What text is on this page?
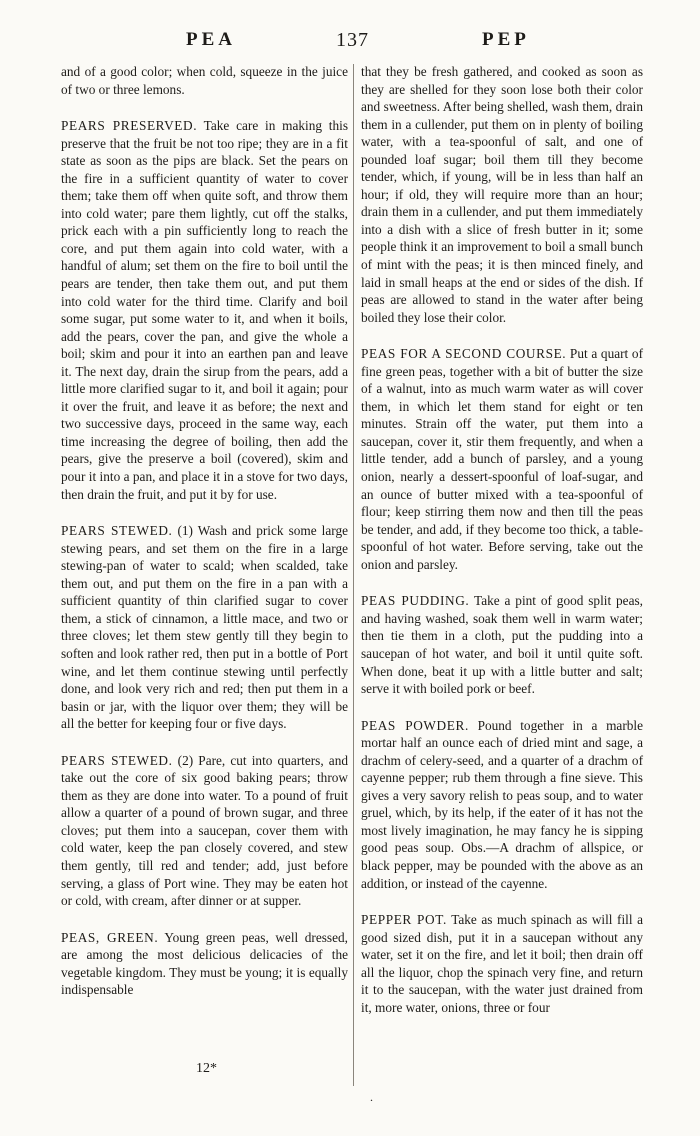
PEA	137	PEP

and of a good color; when cold, squeeze in the juice of two or three lemons.

PEARS PRESERVED. Take care in making this preserve that the fruit be not too ripe; they are in a fit state as soon as the pips are black. Set the pears on the fire in a sufficient quantity of water to cover them; take them off when quite soft, and throw them into cold water; pare them lightly, cut off the stalks, prick each with a pin sufficiently long to reach the core, and put them again into cold water, with a handful of alum; set them on the fire to boil until the pears are tender, then take them out, and put them into cold water for the third time. Clarify and boil some sugar, put some water to it, and when it boils, add the pears, cover the pan, and give the whole a boil; skim and pour it into an earthen pan and leave it. The next day, drain the sirup from the pears, add a little more clarified sugar to it, and boil it again; pour it over the fruit, and leave it as before; the next and two successive days, proceed in the same way, each time increasing the degree of boiling, then add the pears, give the preserve a boil (covered), skim and pour it into a pan, and place it in a stove for two days, then drain the fruit, and put it by for use.

PEARS STEWED. (1) Wash and prick some large stewing pears, and set them on the fire in a large stewing-pan of water to scald; when scalded, take them out, and put them on the fire in a pan with a sufficient quantity of thin clarified sugar to cover them, a stick of cinnamon, a little mace, and two or three cloves; let them stew gently till they begin to soften and look rather red, then put in a bottle of Port wine, and let them continue stewing until perfectly done, and look very rich and red; then put them in a basin or jar, with the liquor over them; they will be all the better for keeping four or five days.

PEARS STEWED. (2) Pare, cut into quarters, and take out the core of six good baking pears; throw them as they are done into water. To a pound of fruit allow a quarter of a pound of brown sugar, and three cloves; put them into a saucepan, cover them with cold water, keep the pan closely covered, and stew them gently, till red and tender; add, just before serving, a glass of Port wine. They may be eaten hot or cold, with cream, after dinner or at supper.

PEAS, GREEN. Young green peas, well dressed, are among the most delicious delicacies of the vegetable kingdom. They must be young; it is equally indispensable

that they be fresh gathered, and cooked as soon as they are shelled for they soon lose both their color and sweetness. After being shelled, wash them, drain them in a cullender, put them on in plenty of boiling water, with a tea-spoonful of salt, and one of pounded loaf sugar; boil them till they become tender, which, if young, will be in less than half an hour; if old, they will require more than an hour; drain them in a cullender, and put them immediately into a dish with a slice of fresh butter in it; some people think it an improvement to boil a small bunch of mint with the peas; it is then minced finely, and laid in small heaps at the end or sides of the dish. If peas are allowed to stand in the water after being boiled they lose their color.

PEAS FOR A SECOND COURSE. Put a quart of fine green peas, together with a bit of butter the size of a walnut, into as much warm water as will cover them, in which let them stand for eight or ten minutes. Strain off the water, put them into a saucepan, cover it, stir them frequently, and when a little tender, add a bunch of parsley, and a young onion, nearly a dessert-spoonful of loaf-sugar, and an ounce of butter mixed with a tea-spoonful of flour; keep stirring them now and then till the peas be tender, and add, if they become too thick, a table-spoonful of hot water. Before serving, take out the onion and parsley.

PEAS PUDDING. Take a pint of good split peas, and having washed, soak them well in warm water; then tie them in a cloth, put the pudding into a saucepan of hot water, and boil it until quite soft. When done, beat it up with a little butter and salt; serve it with boiled pork or beef.

PEAS POWDER. Pound together in a marble mortar half an ounce each of dried mint and sage, a drachm of celery-seed, and a quarter of a drachm of cayenne pepper; rub them through a fine sieve. This gives a very savory relish to peas soup, and to water gruel, which, by its help, if the eater of it has not the most lively imagination, he may fancy he is sipping good peas soup. Obs.—A drachm of allspice, or black pepper, may be pounded with the above as an addition, or instead of the cayenne.

PEPPER POT. Take as much spinach as will fill a good sized dish, put it in a saucepan without any water, set it on the fire, and let it boil; then drain off all the liquor, chop the spinach very fine, and return it to the saucepan, with the water just drained from it, more water, onions, three or four

12*
.
